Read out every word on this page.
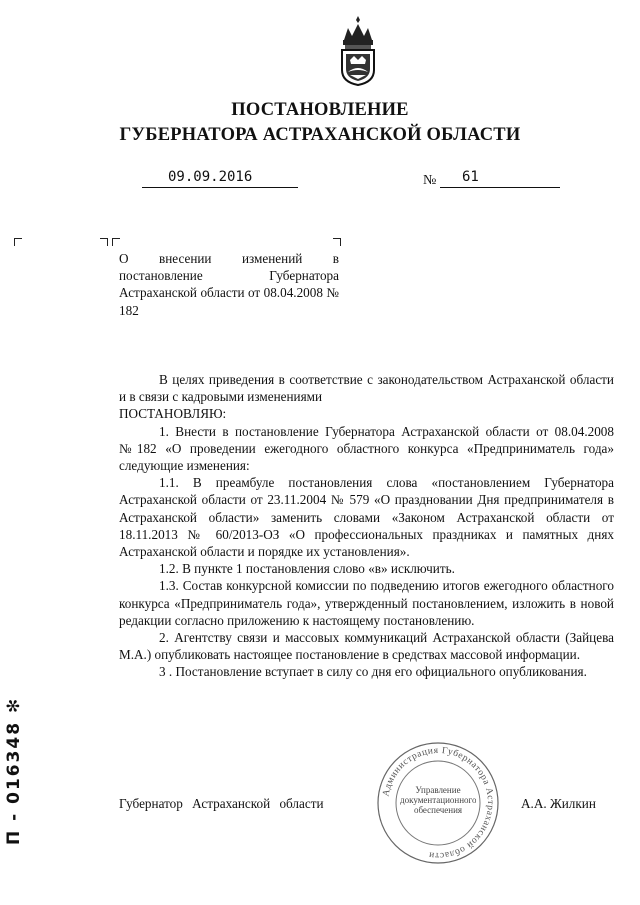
ПОСТАНОВЛЕНИЕ
ГУБЕРНАТОРА АСТРАХАНСКОЙ ОБЛАСТИ
09.09.2016	№	61
О внесении изменений в постановление Губернатора Астраханской области от 08.04.2008 № 182

В целях приведения в соответствие с законодательством Астраханской области и в связи с кадровыми изменениями

ПОСТАНОВЛЯЮ:

1. Внести в постановление Губернатора Астраханской области от 08.04.2008 №182 «О проведении ежегодного областного конкурса «Предприниматель года» следующие изменения:

1.1. В преамбуле постановления слова «постановлением Губернатора Астраханской области от 23.11.2004 № 579 «О праздновании Дня предпринимателя в Астраханской области» заменить словами «Законом Астраханской области от 18.11.2013 № 60/2013-ОЗ «О профессиональных праздниках и памятных днях Астраханской области и порядке их установления».

1.2. В пункте 1 постановления слово «в» исключить.

1.3. Состав конкурсной комиссии по подведению итогов ежегодного областного конкурса «Предприниматель года», утвержденный постановлением, изложить в новой редакции согласно приложению к настоящему постановлению.

2. Агентству связи и массовых коммуникаций Астраханской области (Зайцева М.А.) опубликовать настоящее постановление в средствах массовой информации.

3 . Постановление вступает в силу со дня его официального опубликования.

Администрация Губернатора Астраханской области
Управление документационного обеспечения
Губернатор Астраханской области	А.А. Жилкин
П - 016348 ✻
